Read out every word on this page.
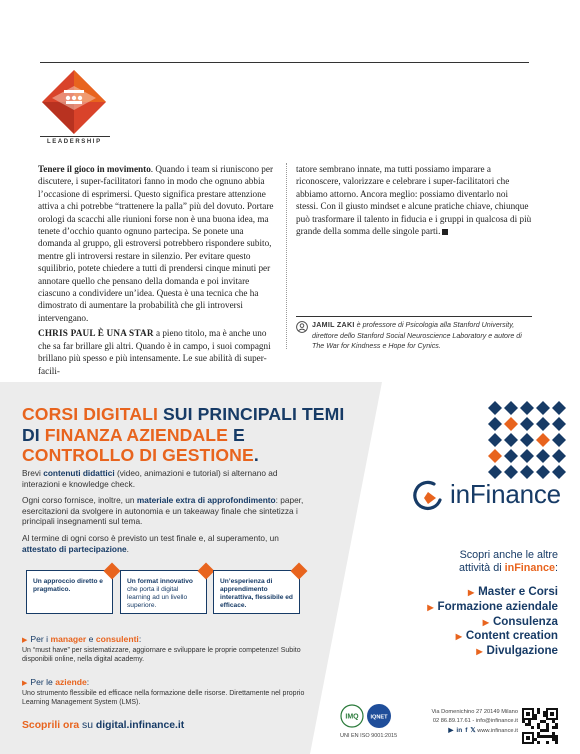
LEADERSHIP

Tenere il gioco in movimento. Quando i team si riuniscono per discutere, i super-facilitatori fanno in modo che ognuno abbia l’occasione di esprimersi. Questo significa prestare attenzione attiva a chi potrebbe “trattenere la palla” più del dovuto. Portare orologi da scacchi alle riunioni forse non è una buona idea, ma tenete d’occhio quanto ognuno partecipa. Se ponete una domanda al gruppo, gli estroversi potrebbero rispondere subito, mentre gli introversi restare in silenzio. Per evitare questo squilibrio, potete chiedere a tutti di prendersi cinque minuti per annotare quello che pensano della domanda e poi invitare ciascuno a condividere un’idea. Questa è una tecnica che ha dimostrato di aumentare la probabilità che gli introversi intervengano.

CHRIS PAUL È UNA STAR a pieno titolo, ma è anche uno che sa far brillare gli altri. Quando è in campo, i suoi compagni brillano più spesso e più intensamente. Le sue abilità di super-facili-

tatore sembrano innate, ma tutti possiamo imparare a riconoscere, valorizzare e celebrare i super-facilitatori che abbiamo attorno. Ancora meglio: possiamo diventarlo noi stessi. Con il giusto mindset e alcune pratiche chiave, chiunque può trasformare il talento in fiducia e i gruppi in qualcosa di più grande della somma delle singole parti.

JAMIL ZAKI è professore di Psicologia alla Stanford University, direttore dello Stanford Social Neuroscience Laboratory e autore di The War for Kindness e Hope for Cynics.
CORSI DIGITALI SUI PRINCIPALI TEMI
DI FINANZA AZIENDALE E CONTROLLO DI GESTIONE.
Brevi contenuti didattici (video, animazioni e tutorial) si alternano ad interazioni e knowledge check.
Ogni corso fornisce, inoltre, un materiale extra di approfondimento: paper, esercitazioni da svolgere in autonomia e un takeaway finale che sintetizza i principali insegnamenti sul tema.
Al termine di ogni corso è previsto un test finale e, al superamento, un attestato di partecipazione.
Un approccio diretto e pragmatico.
Un format innovativo che porta il digital learning ad un livello superiore.
Un’esperienza di apprendimento interattiva, flessibile ed efficace.
▶ Per i manager e consulenti:
Un “must have” per sistematizzare, aggiornare e sviluppare le proprie competenze! Subito disponibili online, nella digital academy.
▶ Per le aziende:
Uno strumento flessibile ed efficace nella formazione delle risorse. Direttamente nel proprio Learning Management System (LMS).
Scoprili ora su digital.infinance.it
inFinance
Scopri anche le altre
attività di inFinance:
▶ Master e Corsi
▶ Formazione aziendale
▶ Consulenza
▶ Content creation
▶ Divulgazione
IMQ IQNET
UNI EN ISO 9001:2015
Via Domenichino 27 20149 Milano
02 86.89.17.61 - info@infinance.it
▶ in f 𝕏 www.infinance.it
